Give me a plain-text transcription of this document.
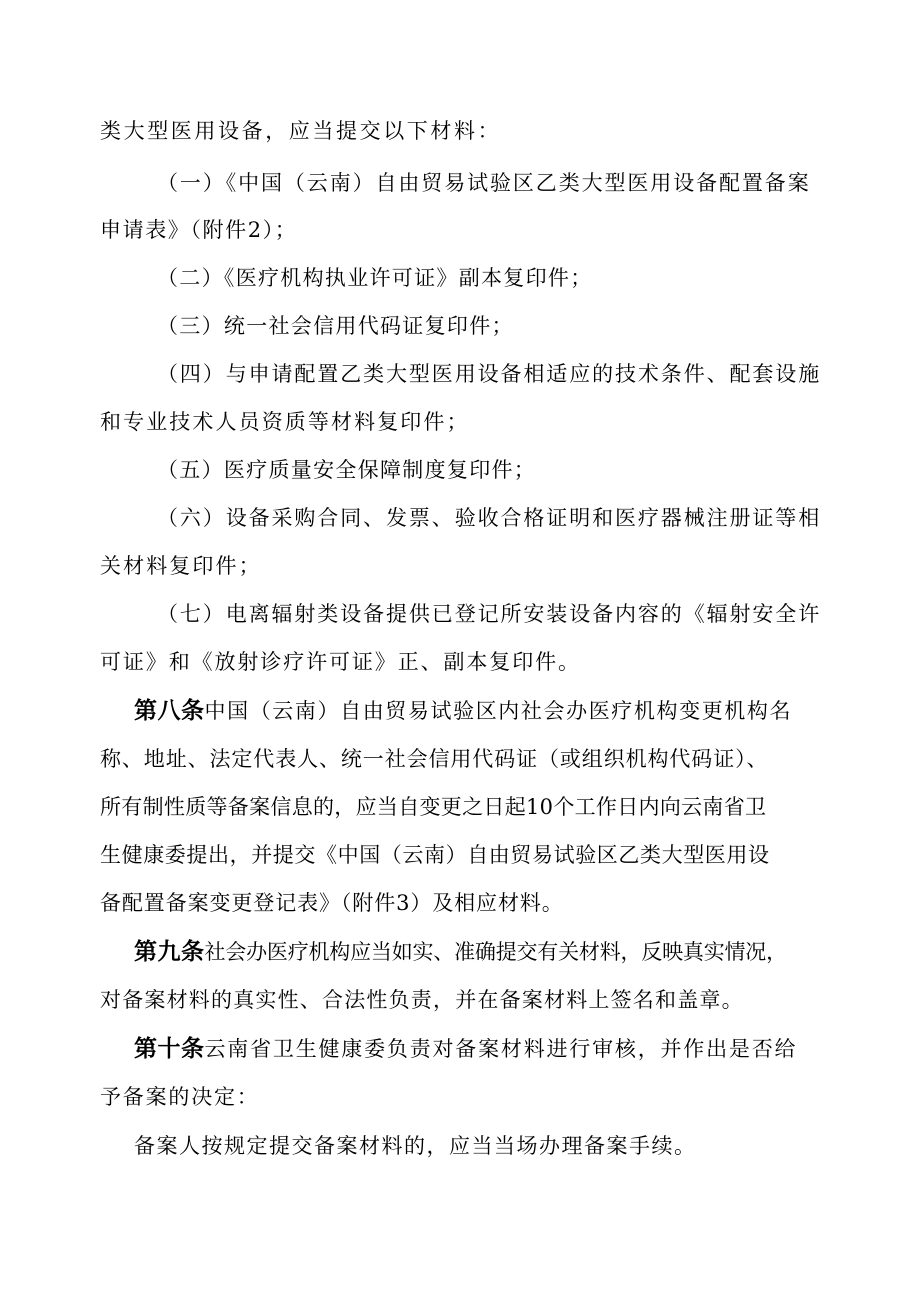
类大型医用设备，应当提交以下材料：
（一）《中国（云南）自由贸易试验区乙类大型医用设备配置备案
申请表》（附件2）；
（二）《医疗机构执业许可证》副本复印件；
（三）统一社会信用代码证复印件；
（四）与申请配置乙类大型医用设备相适应的技术条件、配套设施
和专业技术人员资质等材料复印件；
（五）医疗质量安全保障制度复印件；
（六）设备采购合同、发票、验收合格证明和医疗器械注册证等相
关材料复印件；
（七）电离辐射类设备提供已登记所安装设备内容的《辐射安全许
可证》和《放射诊疗许可证》正、副本复印件。
第八条中国（云南）自由贸易试验区内社会办医疗机构变更机构名
称、地址、法定代表人、统一社会信用代码证（或组织机构代码证）、
所有制性质等备案信息的，应当自变更之日起10个工作日内向云南省卫
生健康委提出，并提交《中国（云南）自由贸易试验区乙类大型医用设
备配置备案变更登记表》（附件3）及相应材料。
第九条社会办医疗机构应当如实、准确提交有关材料，反映真实情况，
对备案材料的真实性、合法性负责，并在备案材料上签名和盖章。
第十条云南省卫生健康委负责对备案材料进行审核，并作出是否给
予备案的决定：
备案人按规定提交备案材料的，应当当场办理备案手续。
